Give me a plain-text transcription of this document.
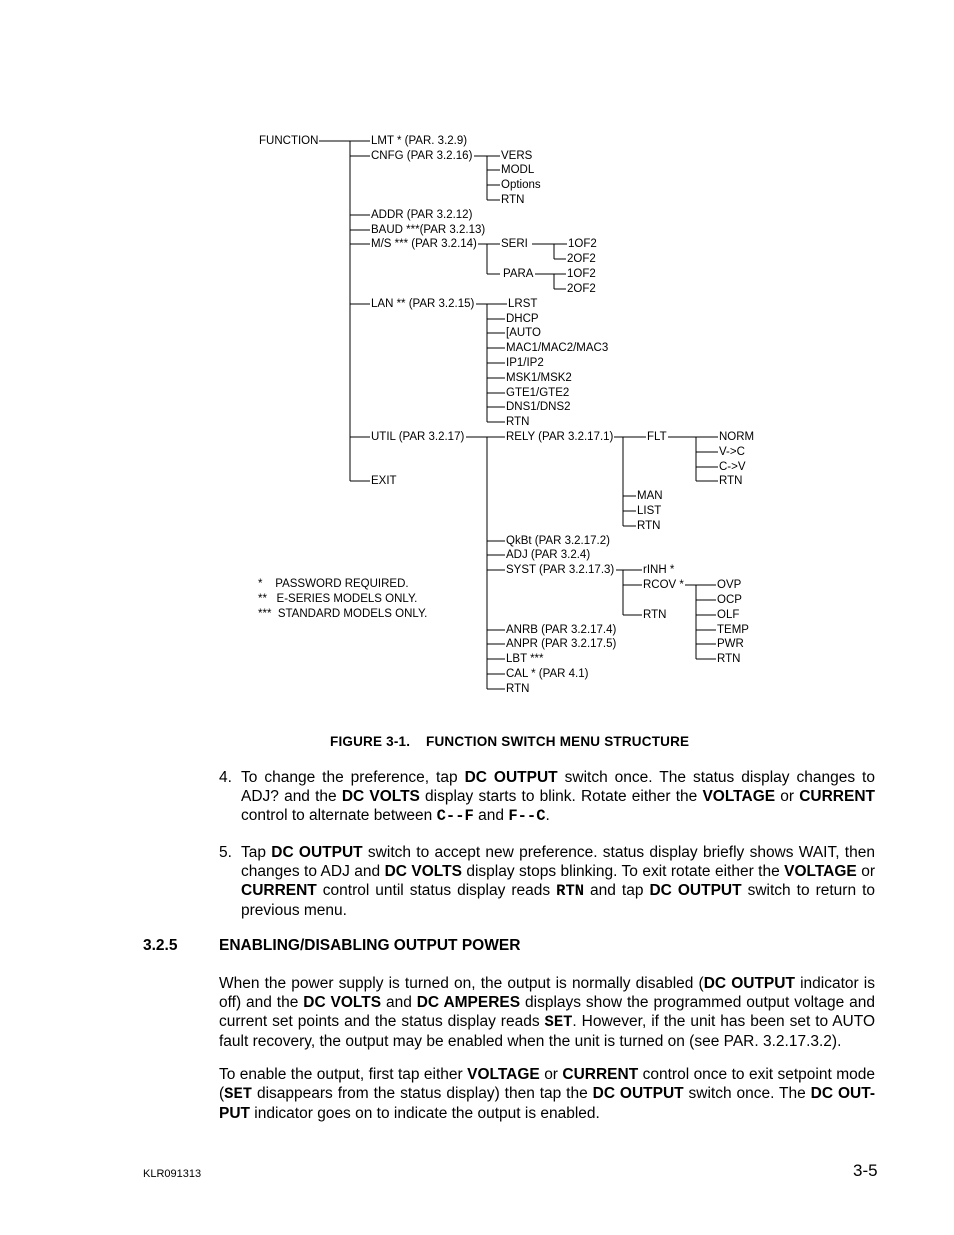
FUNCTION	LMT * (PAR. 3.2.9)
CNFG (PAR 3.2.16)
ADDR (PAR 3.2.12)
BAUD ***(PAR 3.2.13)
M/S *** (PAR 3.2.14)
LAN ** (PAR 3.2.15)
UTIL (PAR 3.2.17)
EXIT
VERS
MODL
Options
RTN
SERI
PARA
1OF2
2OF2
1OF2
2OF2
LRST
DHCP
[AUTO
MAC1/MAC2/MAC3
IP1/IP2
MSK1/MSK2
GTE1/GTE2
DNS1/DNS2
RTN
RELY (PAR 3.2.17.1)
QkBt (PAR 3.2.17.2)
ADJ (PAR 3.2.4)
SYST (PAR 3.2.17.3)
ANRB (PAR 3.2.17.4)
ANPR (PAR 3.2.17.5)
LBT ***
CAL * (PAR 4.1)
RTN
FLT
MAN
LIST
RTN
NORM
V->C
C->V
RTN
rINH *
RCOV *
RTN
OVP
OCP
OLF
TEMP
PWR
RTN
*    PASSWORD REQUIRED.
**   E-SERIES MODELS ONLY.
***  STANDARD MODELS ONLY.
FIGURE 3-1.    FUNCTION SWITCH MENU STRUCTURE
4. To change the preference, tap DC OUTPUT switch once. The status display changes to ADJ? and the DC VOLTS display starts to blink. Rotate either the VOLTAGE or CURRENT control to alternate between C--F and F--C.
5. Tap DC OUTPUT switch to accept new preference. status display briefly shows WAIT, then changes to ADJ and DC VOLTS display stops blinking. To exit rotate either the VOLTAGE or CURRENT control until status display reads RTN and tap DC OUTPUT switch to return to previous menu.
3.2.5	ENABLING/DISABLING OUTPUT POWER
When the power supply is turned on, the output is normally disabled (DC OUTPUT indicator is off) and the DC VOLTS and DC AMPERES displays show the programmed output voltage and current set points and the status display reads SET. However, if the unit has been set to AUTO fault recovery, the output may be enabled when the unit is turned on (see PAR. 3.2.17.3.2).
To enable the output, first tap either VOLTAGE or CURRENT control once to exit setpoint mode (SET disappears from the status display) then tap the DC OUTPUT switch once. The DC OUT-PUT indicator goes on to indicate the output is enabled.
KLR091313	3-5
